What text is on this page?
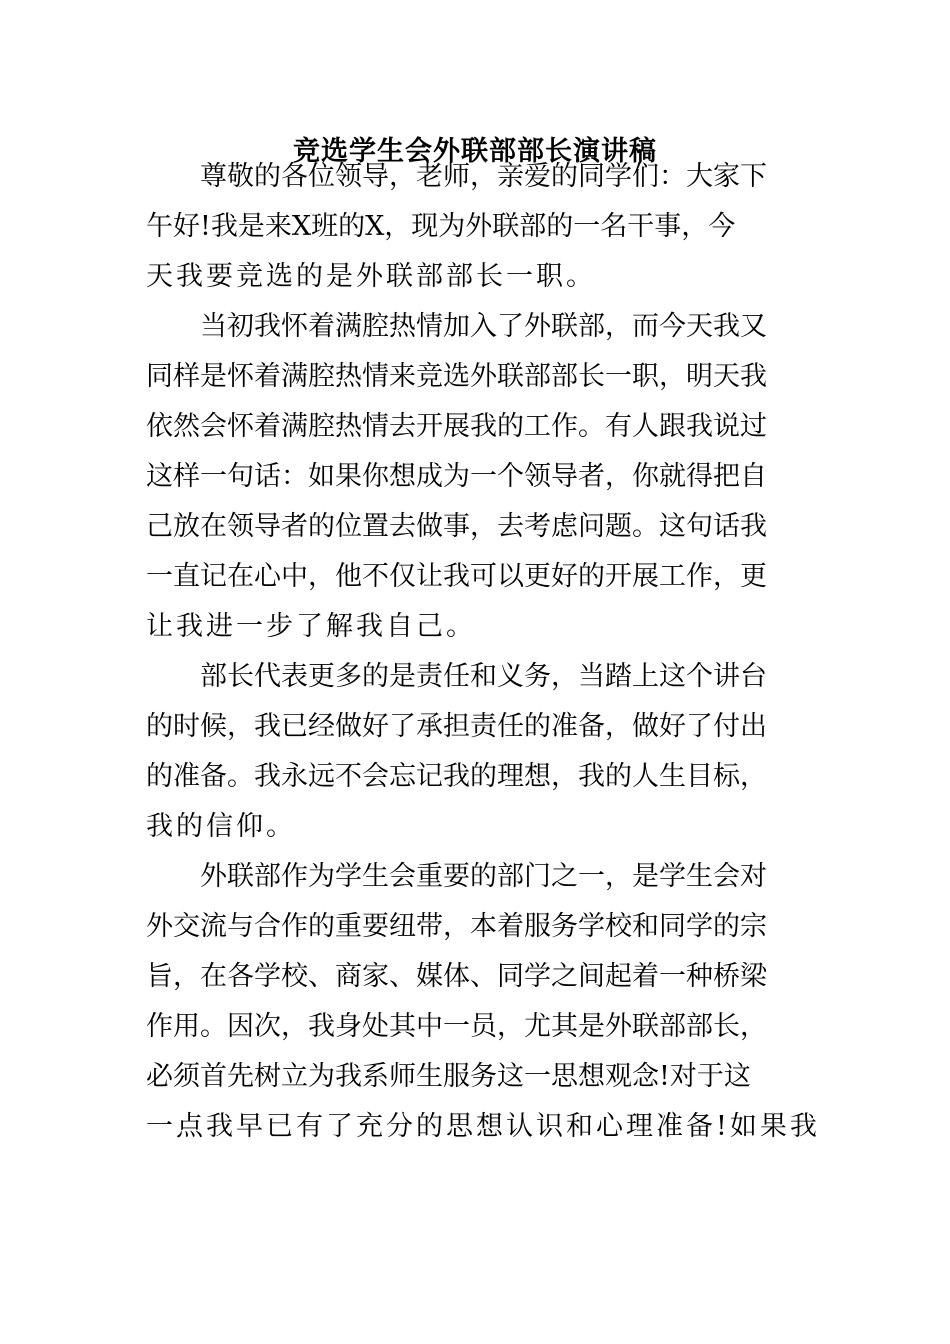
竞选学生会外联部部长演讲稿
尊敬的各位领导，老师，亲爱的同学们：大家下
午好!我是来X班的X，现为外联部的一名干事，今
天我要竞选的是外联部部长一职。
当初我怀着满腔热情加入了外联部，而今天我又
同样是怀着满腔热情来竞选外联部部长一职，明天我
依然会怀着满腔热情去开展我的工作。有人跟我说过
这样一句话：如果你想成为一个领导者，你就得把自
己放在领导者的位置去做事，去考虑问题。这句话我
一直记在心中，他不仅让我可以更好的开展工作，更
让我进一步了解我自己。
部长代表更多的是责任和义务，当踏上这个讲台
的时候，我已经做好了承担责任的准备，做好了付出
的准备。我永远不会忘记我的理想，我的人生目标，
我的信仰。
外联部作为学生会重要的部门之一，是学生会对
外交流与合作的重要纽带，本着服务学校和同学的宗
旨，在各学校、商家、媒体、同学之间起着一种桥梁
作用。因次，我身处其中一员，尤其是外联部部长，
必须首先树立为我系师生服务这一思想观念!对于这
一点我早已有了充分的思想认识和心理准备!如果我
